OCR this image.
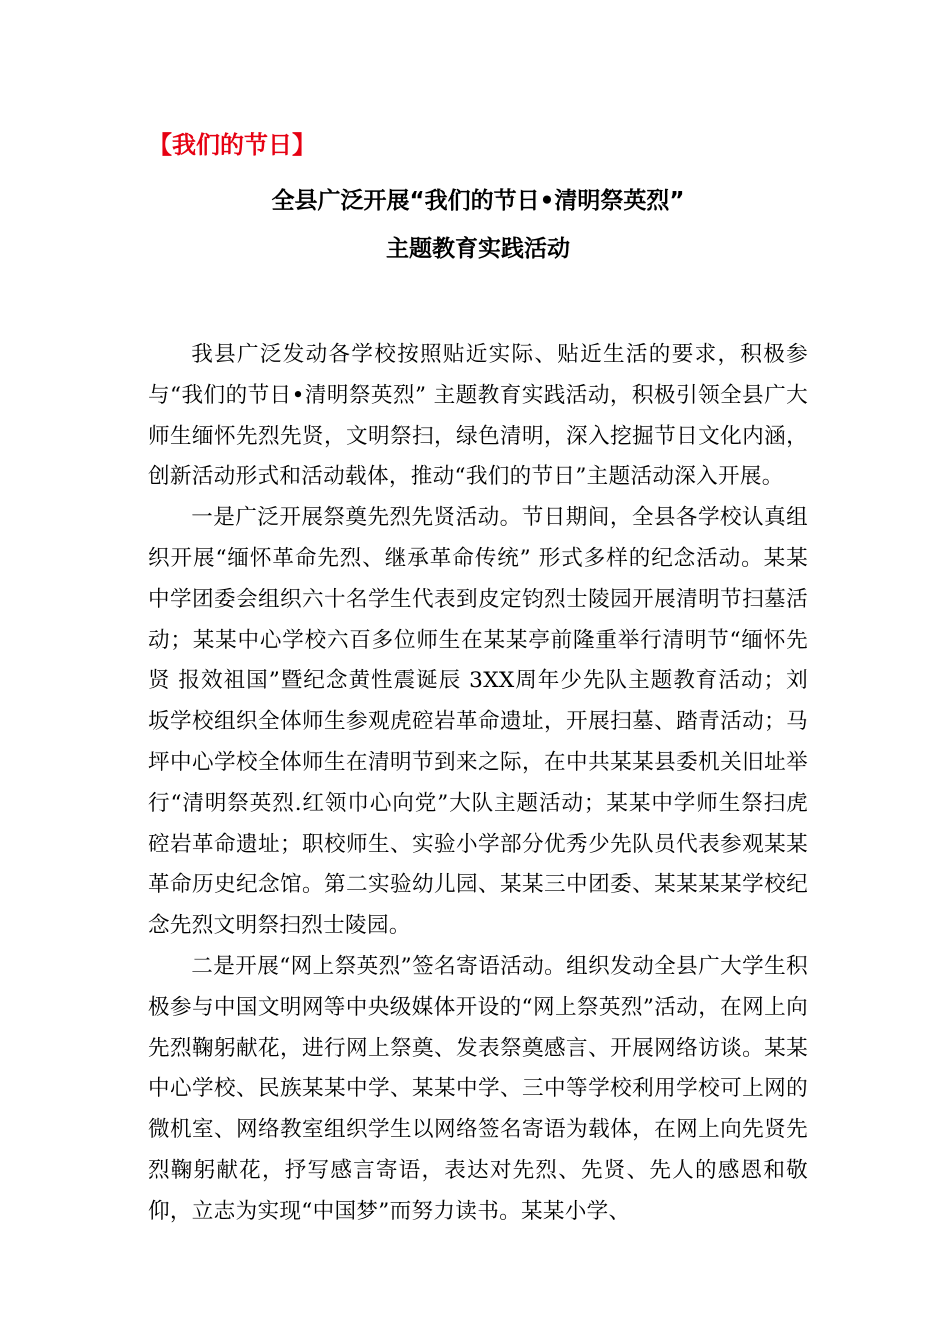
【我们的节日】

全县广泛开展“我们的节日•清明祭英烈”
主题教育实践活动

我县广泛发动各学校按照贴近实际、贴近生活的要求，积极参与“我们的节日•清明祭英烈” 主题教育实践活动，积极引领全县广大师生缅怀先烈先贤，文明祭扫，绿色清明，深入挖掘节日文化内涵，创新活动形式和活动载体，推动“我们的节日”主题活动深入开展。

一是广泛开展祭奠先烈先贤活动。节日期间，全县各学校认真组织开展“缅怀革命先烈、继承革命传统” 形式多样的纪念活动。某某中学团委会组织六十名学生代表到皮定钧烈士陵园开展清明节扫墓活动；某某中心学校六百多位师生在某某亭前隆重举行清明节“缅怀先贤 报效祖国”暨纪念黄性震诞辰 3XX周年少先队主题教育活动；刘坂学校组织全体师生参观虎硿岩革命遗址，开展扫墓、踏青活动；马坪中心学校全体师生在清明节到来之际，在中共某某县委机关旧址举行“清明祭英烈.红领巾心向党”大队主题活动；某某中学师生祭扫虎硿岩革命遗址；职校师生、实验小学部分优秀少先队员代表参观某某革命历史纪念馆。第二实验幼儿园、某某三中团委、某某某某学校纪念先烈文明祭扫烈士陵园。

二是开展“网上祭英烈”签名寄语活动。组织发动全县广大学生积极参与中国文明网等中央级媒体开设的“网上祭英烈”活动，在网上向先烈鞠躬献花，进行网上祭奠、发表祭奠感言、开展网络访谈。某某中心学校、民族某某中学、某某中学、三中等学校利用学校可上网的微机室、网络教室组织学生以网络签名寄语为载体，在网上向先贤先烈鞠躬献花，抒写感言寄语，表达对先烈、先贤、先人的感恩和敬仰，立志为实现“中国梦”而努力读书。某某小学、
